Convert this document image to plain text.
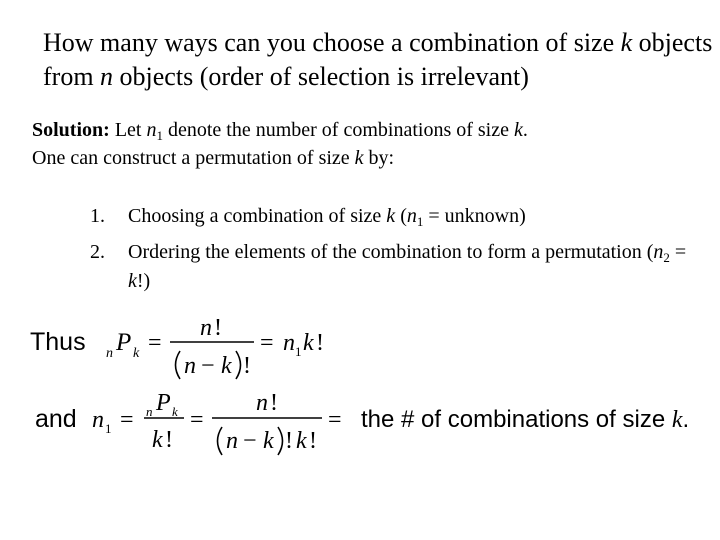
How many ways can you choose a combination of size k objects from n objects (order of selection is irrelevant)
Solution: Let $n_1$ denote the number of combinations of size k.
One can construct a permutation of size k by:
1. Choosing a combination of size k ($n_1$ = unknown)
2. Ordering the elements of the combination to form a permutation $(n_2 = k!)$
Thus n P k =
n !
n − k !
= n 1 k !
and n 1 = n P k
k !
=
n !
n − k ! k !
= the # of combinations of size k.
